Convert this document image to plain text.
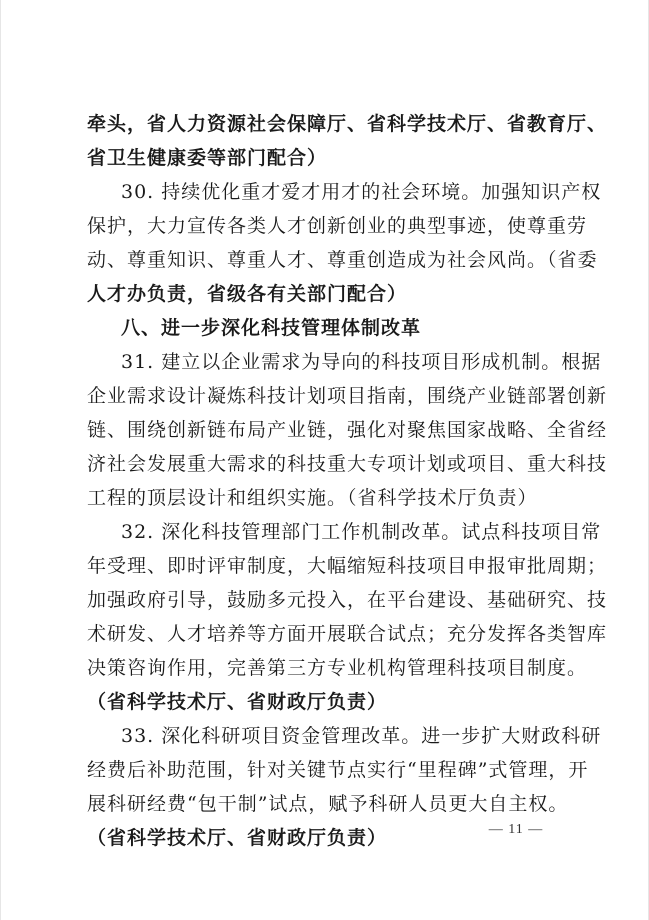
牵头，省人力资源社会保障厅、省科学技术厅、省教育厅、
省卫生健康委等部门配合）
30. 持续优化重才爱才用才的社会环境。加强知识产权
保护，大力宣传各类人才创新创业的典型事迹，使尊重劳
动、尊重知识、尊重人才、尊重创造成为社会风尚。（省委
人才办负责，省级各有关部门配合）
八、进一步深化科技管理体制改革
31. 建立以企业需求为导向的科技项目形成机制。根据
企业需求设计凝炼科技计划项目指南，围绕产业链部署创新
链、围绕创新链布局产业链，强化对聚焦国家战略、全省经
济社会发展重大需求的科技重大专项计划或项目、重大科技
工程的顶层设计和组织实施。（省科学技术厅负责）
32. 深化科技管理部门工作机制改革。试点科技项目常
年受理、即时评审制度，大幅缩短科技项目申报审批周期；
加强政府引导，鼓励多元投入，在平台建设、基础研究、技
术研发、人才培养等方面开展联合试点；充分发挥各类智库
决策咨询作用，完善第三方专业机构管理科技项目制度。
（省科学技术厅、省财政厅负责）
33. 深化科研项目资金管理改革。进一步扩大财政科研
经费后补助范围，针对关键节点实行“里程碑”式管理，开
展科研经费“包干制”试点，赋予科研人员更大自主权。
（省科学技术厅、省财政厅负责）	— 11 —
